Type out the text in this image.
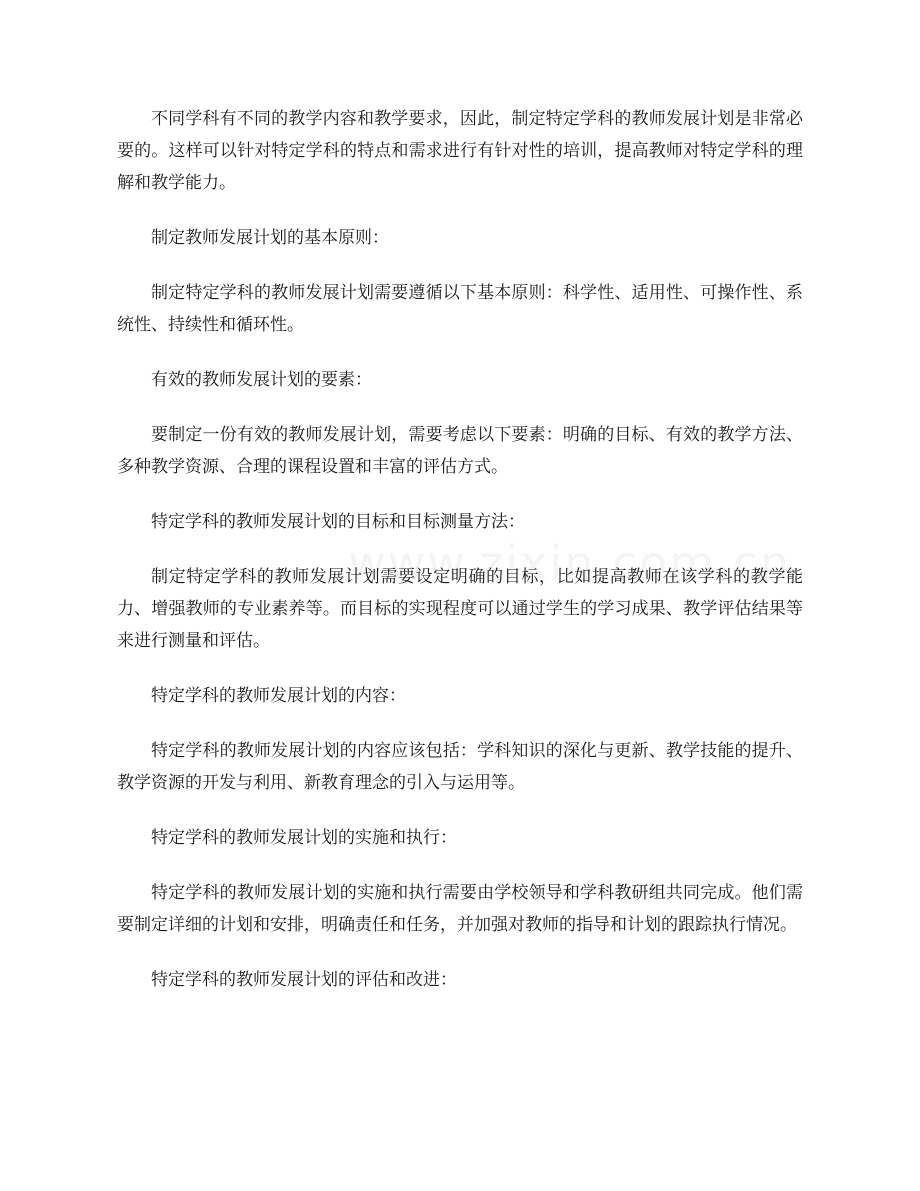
不同学科有不同的教学内容和教学要求，因此，制定特定学科的教师发展计划是非常必要的。这样可以针对特定学科的特点和需求进行有针对性的培训，提高教师对特定学科的理解和教学能力。

制定教师发展计划的基本原则：

制定特定学科的教师发展计划需要遵循以下基本原则：科学性、适用性、可操作性、系统性、持续性和循环性。

有效的教师发展计划的要素：

要制定一份有效的教师发展计划，需要考虑以下要素：明确的目标、有效的教学方法、多种教学资源、合理的课程设置和丰富的评估方式。

特定学科的教师发展计划的目标和目标测量方法：

制定特定学科的教师发展计划需要设定明确的目标，比如提高教师在该学科的教学能力、增强教师的专业素养等。而目标的实现程度可以通过学生的学习成果、教学评估结果等来进行测量和评估。

特定学科的教师发展计划的内容：

特定学科的教师发展计划的内容应该包括：学科知识的深化与更新、教学技能的提升、教学资源的开发与利用、新教育理念的引入与运用等。

特定学科的教师发展计划的实施和执行：

特定学科的教师发展计划的实施和执行需要由学校领导和学科教研组共同完成。他们需要制定详细的计划和安排，明确责任和任务，并加强对教师的指导和计划的跟踪执行情况。

特定学科的教师发展计划的评估和改进：
